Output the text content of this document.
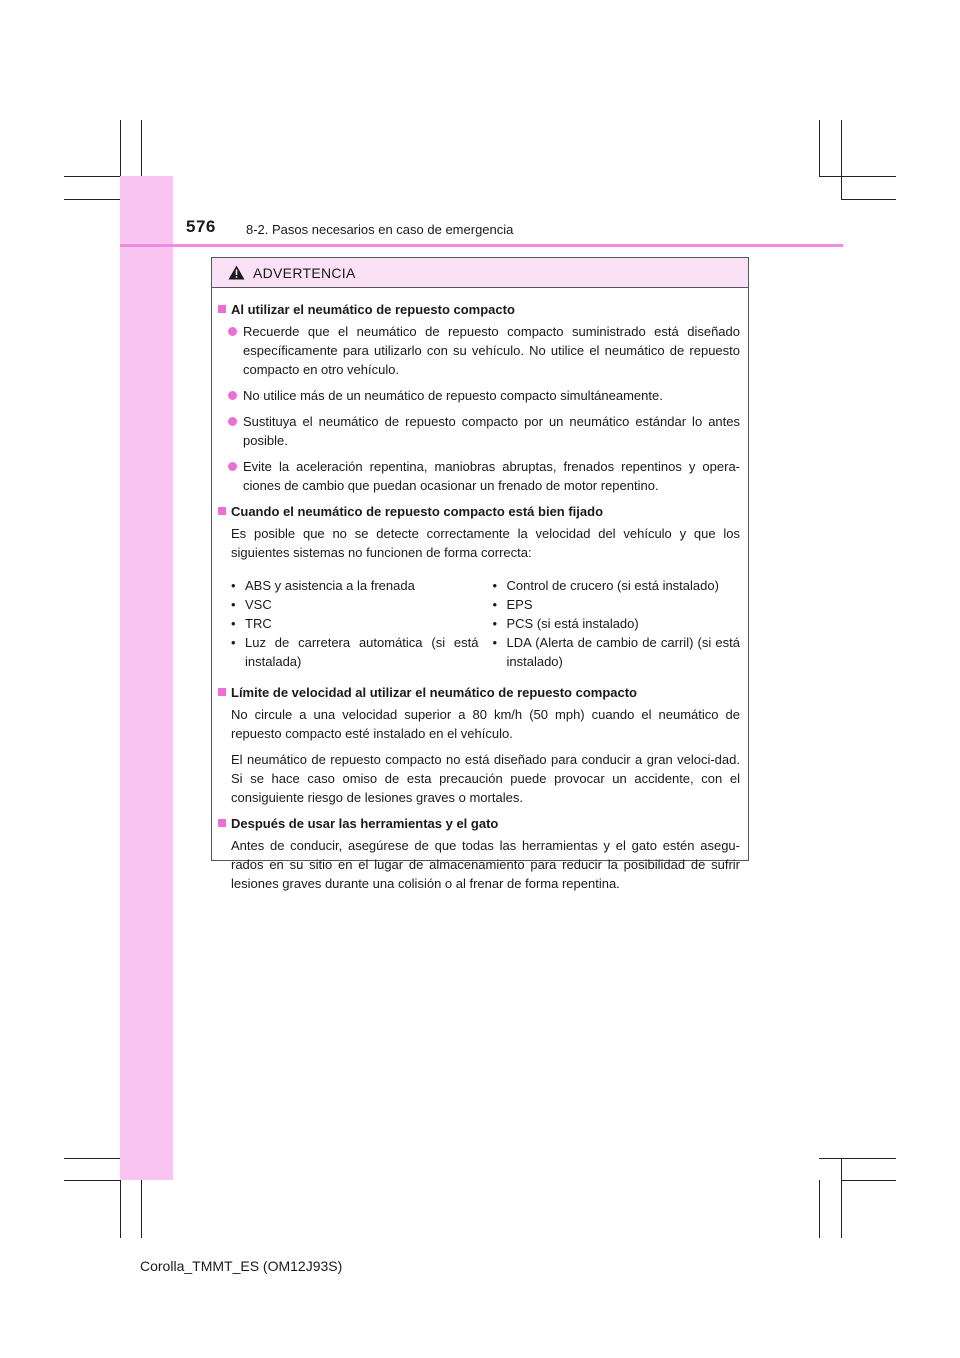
576 8-2. Pasos necesarios en caso de emergencia
ADVERTENCIA
Al utilizar el neumático de repuesto compacto
Recuerde que el neumático de repuesto compacto suministrado está diseñado específicamente para utilizarlo con su vehículo. No utilice el neumático de repuesto compacto en otro vehículo.
No utilice más de un neumático de repuesto compacto simultáneamente.
Sustituya el neumático de repuesto compacto por un neumático estándar lo antes posible.
Evite la aceleración repentina, maniobras abruptas, frenados repentinos y opera-ciones de cambio que puedan ocasionar un frenado de motor repentino.
Cuando el neumático de repuesto compacto está bien fijado
Es posible que no se detecte correctamente la velocidad del vehículo y que los siguientes sistemas no funcionen de forma correcta:
• ABS y asistencia a la frenada
• VSC
• TRC
• Luz de carretera automática (si está instalada)
• Control de crucero (si está instalado)
• EPS
• PCS (si está instalado)
• LDA (Alerta de cambio de carril) (si está instalado)
Límite de velocidad al utilizar el neumático de repuesto compacto
No circule a una velocidad superior a 80 km/h (50 mph) cuando el neumático de repuesto compacto esté instalado en el vehículo.
El neumático de repuesto compacto no está diseñado para conducir a gran veloci-dad. Si se hace caso omiso de esta precaución puede provocar un accidente, con el consiguiente riesgo de lesiones graves o mortales.
Después de usar las herramientas y el gato
Antes de conducir, asegúrese de que todas las herramientas y el gato estén asegu-rados en su sitio en el lugar de almacenamiento para reducir la posibilidad de sufrir lesiones graves durante una colisión o al frenar de forma repentina.
Corolla_TMMT_ES (OM12J93S)
